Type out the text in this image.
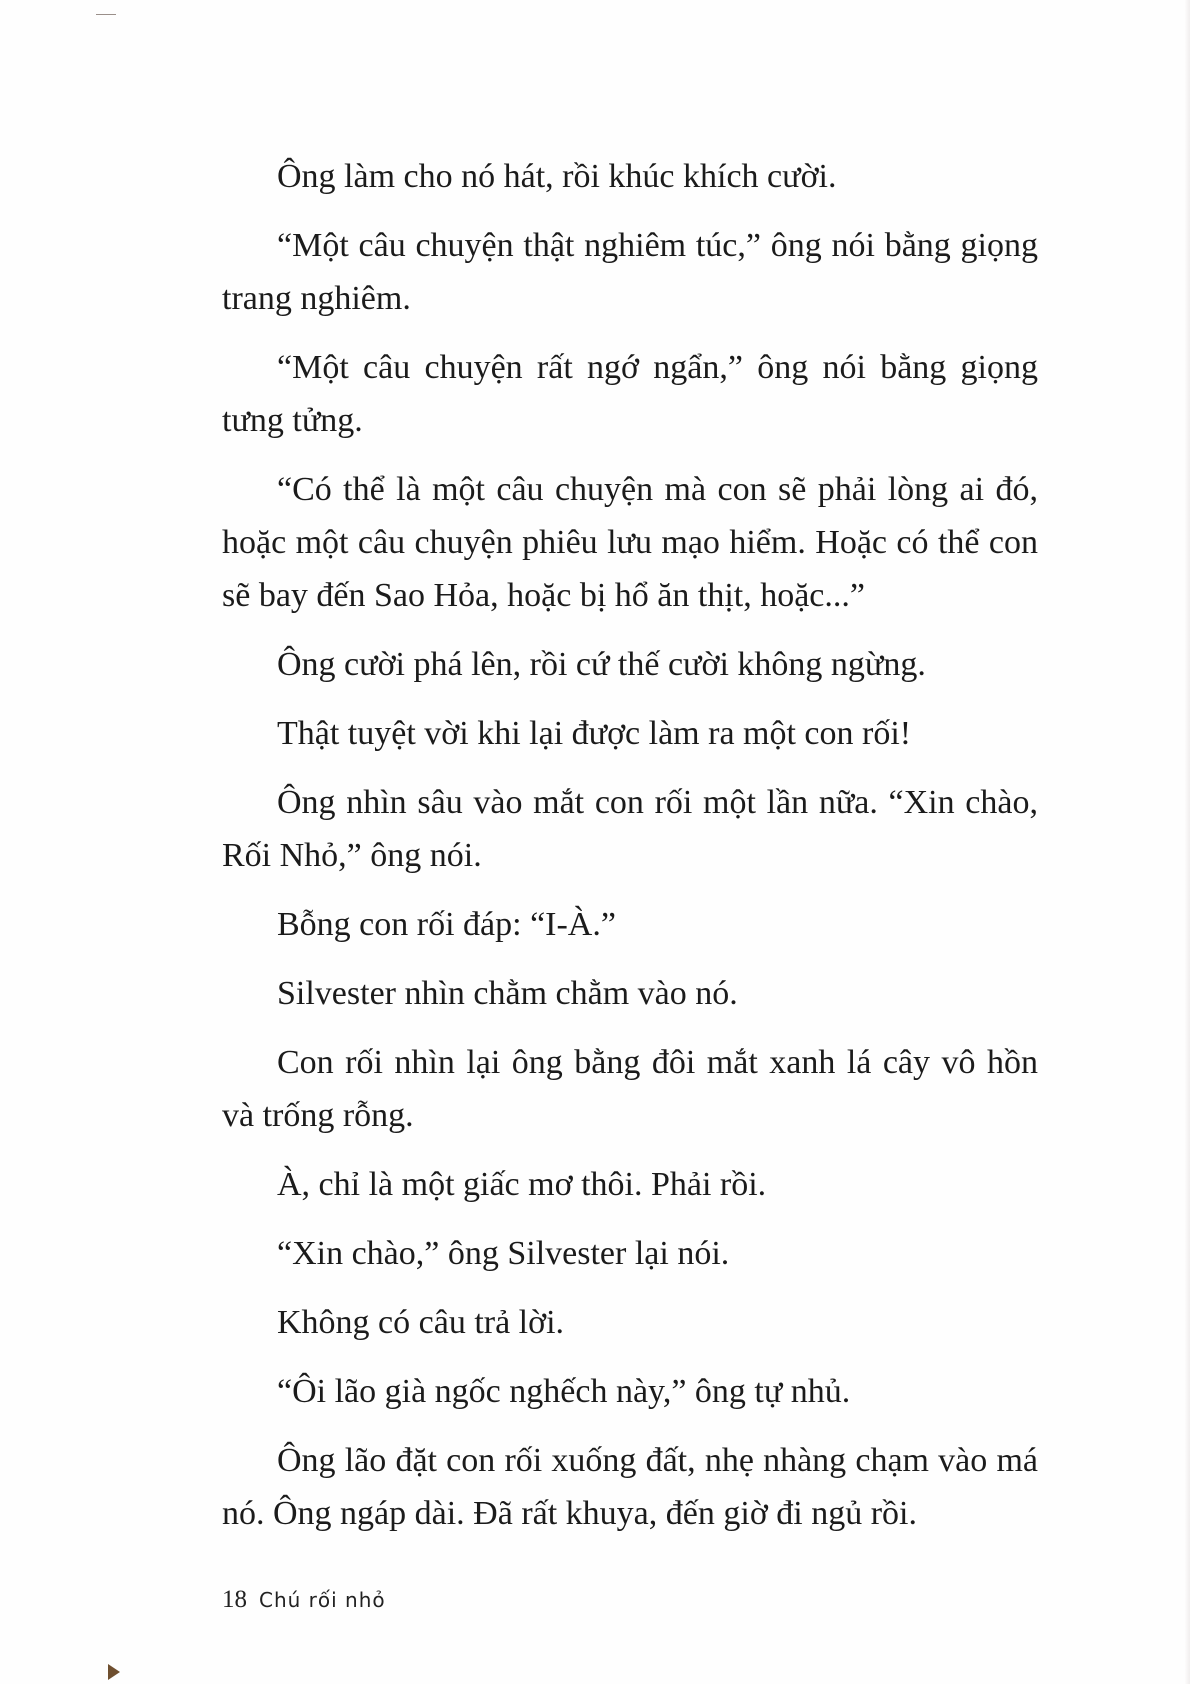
Ông làm cho nó hát, rồi khúc khích cười.

“Một câu chuyện thật nghiêm túc,” ông nói bằng giọng trang nghiêm.

“Một câu chuyện rất ngớ ngẩn,” ông nói bằng giọng tưng tửng.

“Có thể là một câu chuyện mà con sẽ phải lòng ai đó, hoặc một câu chuyện phiêu lưu mạo hiểm. Hoặc có thể con sẽ bay đến Sao Hỏa, hoặc bị hổ ăn thịt, hoặc...”

Ông cười phá lên, rồi cứ thế cười không ngừng.

Thật tuyệt vời khi lại được làm ra một con rối!

Ông nhìn sâu vào mắt con rối một lần nữa. “Xin chào, Rối Nhỏ,” ông nói.

Bỗng con rối đáp: “I-À.”

Silvester nhìn chằm chằm vào nó.

Con rối nhìn lại ông bằng đôi mắt xanh lá cây vô hồn và trống rỗng.

À, chỉ là một giấc mơ thôi. Phải rồi.

“Xin chào,” ông Silvester lại nói.

Không có câu trả lời.

“Ôi lão già ngốc nghếch này,” ông tự nhủ.

Ông lão đặt con rối xuống đất, nhẹ nhàng chạm vào má nó. Ông ngáp dài. Đã rất khuya, đến giờ đi ngủ rồi.

18 Chú rối nhỏ
